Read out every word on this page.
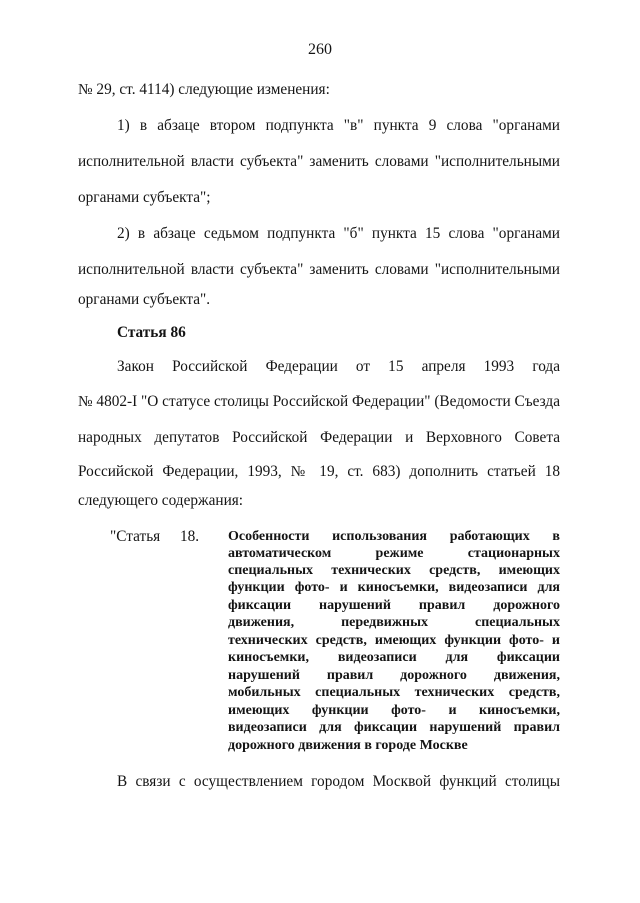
260
№ 29, ст. 4114) следующие изменения:
1) в абзаце втором подпункта "в" пункта 9 слова "органами
исполнительной власти субъекта" заменить словами "исполнительными
органами субъекта";
2) в абзаце седьмом подпункта "б" пункта 15 слова "органами
исполнительной власти субъекта" заменить словами "исполнительными
органами субъекта".
Статья 86
Закон Российской Федерации от 15 апреля 1993 года
№ 4802-I "О статусе столицы Российской Федерации" (Ведомости Съезда
народных депутатов Российской Федерации и Верховного Совета
Российской Федерации, 1993, № 19, ст. 683) дополнить статьей 18
следующего содержания:
"Статья 18. Особенности использования работающих в
автоматическом режиме стационарных
специальных технических средств, имеющих
функции фото- и киносъемки, видеозаписи для
фиксации нарушений правил дорожного
движения, передвижных специальных
технических средств, имеющих функции фото- и
киносъемки, видеозаписи для фиксации
нарушений правил дорожного движения,
мобильных специальных технических средств,
имеющих функции фото- и киносъемки,
видеозаписи для фиксации нарушений правил
дорожного движения в городе Москве
В связи с осуществлением городом Москвой функций столицы
